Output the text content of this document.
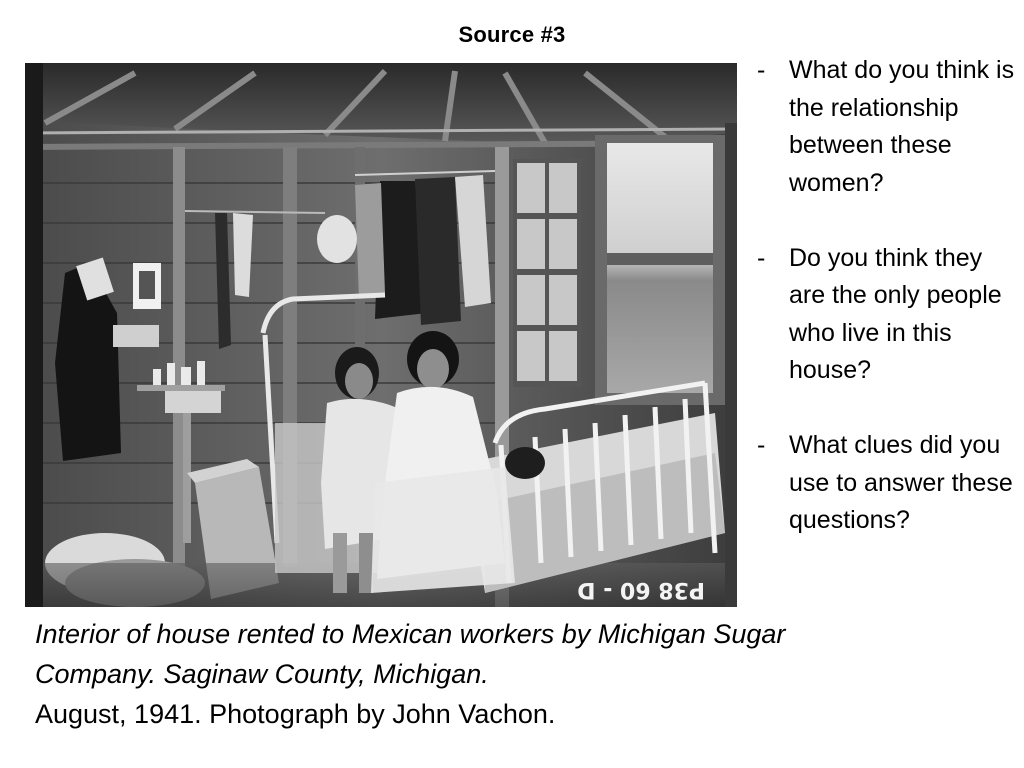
Source #3
P38 60 - D
Interior of house rented to Mexican workers by Michigan Sugar Company. Saginaw County, Michigan.
August, 1941. Photograph by John Vachon.
- What do you think is the relationship between these women?
- Do you think they are the only people who live in this house?
- What clues did you use to answer these questions?
